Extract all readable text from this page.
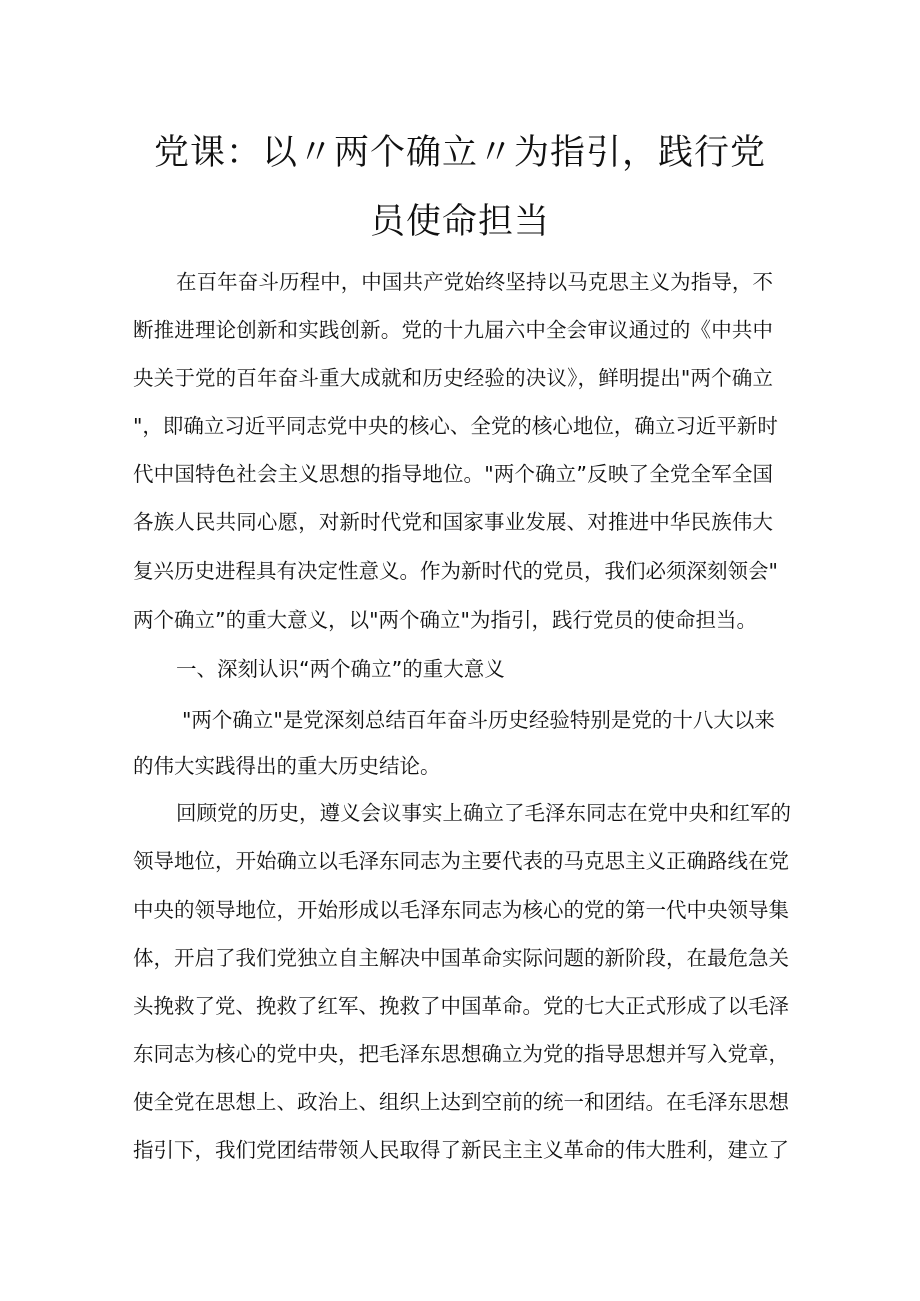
党课：以〃两个确立〃为指引，践行党
员使命担当
在百年奋斗历程中，中国共产党始终坚持以马克思主义为指导，不
断推进理论创新和实践创新。党的十九届六中全会审议通过的《中共中
央关于党的百年奋斗重大成就和历史经验的决议》，鲜明提出"两个确立
"，即确立习近平同志党中央的核心、全党的核心地位，确立习近平新时
代中国特色社会主义思想的指导地位。"两个确立”反映了全党全军全国
各族人民共同心愿，对新时代党和国家事业发展、对推进中华民族伟大
复兴历史进程具有决定性意义。作为新时代的党员，我们必须深刻领会"
两个确立”的重大意义，以"两个确立"为指引，践行党员的使命担当。
一、深刻认识“两个确立”的重大意义
"两个确立"是党深刻总结百年奋斗历史经验特别是党的十八大以来
的伟大实践得出的重大历史结论。
回顾党的历史，遵义会议事实上确立了毛泽东同志在党中央和红军的
领导地位，开始确立以毛泽东同志为主要代表的马克思主义正确路线在党
中央的领导地位，开始形成以毛泽东同志为核心的党的第一代中央领导集
体，开启了我们党独立自主解决中国革命实际问题的新阶段，在最危急关
头挽救了党、挽救了红军、挽救了中国革命。党的七大正式形成了以毛泽
东同志为核心的党中央，把毛泽东思想确立为党的指导思想并写入党章，
使全党在思想上、政治上、组织上达到空前的统一和团结。在毛泽东思想
指引下，我们党团结带领人民取得了新民主主义革命的伟大胜利，建立了
